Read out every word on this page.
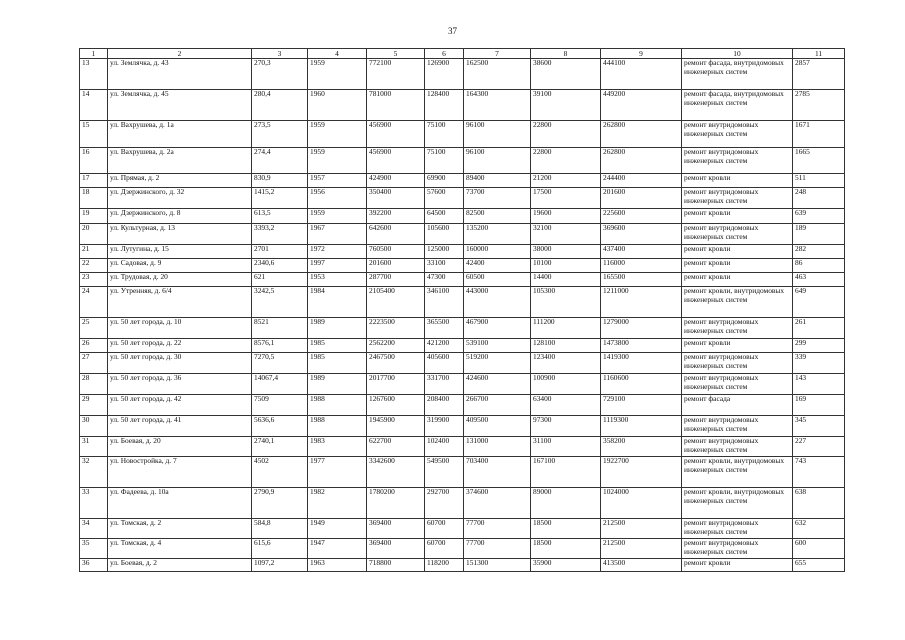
37
1	2	3	4	5	6	7	8	9	10	11
13	ул. Землячка, д. 43	270,3	1959	772100	126900	162500	38600	444100	ремонт фасада, внутридомовых инженерных систем	2857
14	ул. Землячка, д. 45	280,4	1960	781000	128400	164300	39100	449200	ремонт фасада, внутридомовых инженерных систем	2785
15	ул. Вахрушева, д. 1а	273,5	1959	456900	75100	96100	22800	262800	ремонт внутридомовых инженерных систем	1671
16	ул. Вахрушева, д. 2а	274,4	1959	456900	75100	96100	22800	262800	ремонт внутридомовых инженерных систем	1665
17	ул. Прямая, д. 2	830,9	1957	424900	69900	89400	21200	244400	ремонт кровли	511
18	ул. Дзержинского, д. 32	1415,2	1956	350400	57600	73700	17500	201600	ремонт внутридомовых инженерных систем	248
19	ул. Дзержинского, д. 8	613,5	1959	392200	64500	82500	19600	225600	ремонт кровли	639
20	ул. Культурная, д. 13	3393,2	1967	642600	105600	135200	32100	369600	ремонт внутридомовых инженерных систем	189
21	ул. Лутугина, д. 15	2701	1972	760500	125000	160000	38000	437400	ремонт кровли	282
22	ул. Садовая, д. 9	2340,6	1997	201600	33100	42400	10100	116000	ремонт кровли	86
23	ул. Трудовая, д. 20	621	1953	287700	47300	60500	14400	165500	ремонт кровли	463
24	ул. Утренняя, д. 6/4	3242,5	1984	2105400	346100	443000	105300	1211000	ремонт кровли, внутридомовых инженерных систем	649
25	ул. 50 лет города, д. 10	8521	1989	2223500	365500	467900	111200	1279000	ремонт внутридомовых инженерных систем	261
26	ул. 50 лет города, д. 22	8576,1	1985	2562200	421200	539100	128100	1473800	ремонт кровли	299
27	ул. 50 лет города, д. 30	7270,5	1985	2467500	405600	519200	123400	1419300	ремонт внутридомовых инженерных систем	339
28	ул. 50 лет города, д. 36	14067,4	1989	2017700	331700	424600	100900	1160600	ремонт внутридомовых инженерных систем	143
29	ул. 50 лет города, д. 42	7509	1988	1267600	208400	266700	63400	729100	ремонт фасада	169
30	ул. 50 лет города, д. 41	5636,6	1988	1945900	319900	409500	97300	1119300	ремонт внутридомовых инженерных систем	345
31	ул. Боевая, д. 20	2740,1	1983	622700	102400	131000	31100	358200	ремонт внутридомовых инженерных систем	227
32	ул. Новостройка, д. 7	4502	1977	3342600	549500	703400	167100	1922700	ремонт кровли, внутридомовых инженерных систем	743
33	ул. Фадеева, д. 10а	2790,9	1982	1780200	292700	374600	89000	1024000	ремонт кровли, внутридомовых инженерных систем	638
34	ул. Томская, д. 2	584,8	1949	369400	60700	77700	18500	212500	ремонт внутридомовых инженерных систем	632
35	ул. Томская, д. 4	615,6	1947	369400	60700	77700	18500	212500	ремонт внутридомовых инженерных систем	600
36	ул. Боевая, д. 2	1097,2	1963	718800	118200	151300	35900	413500	ремонт кровли	655
